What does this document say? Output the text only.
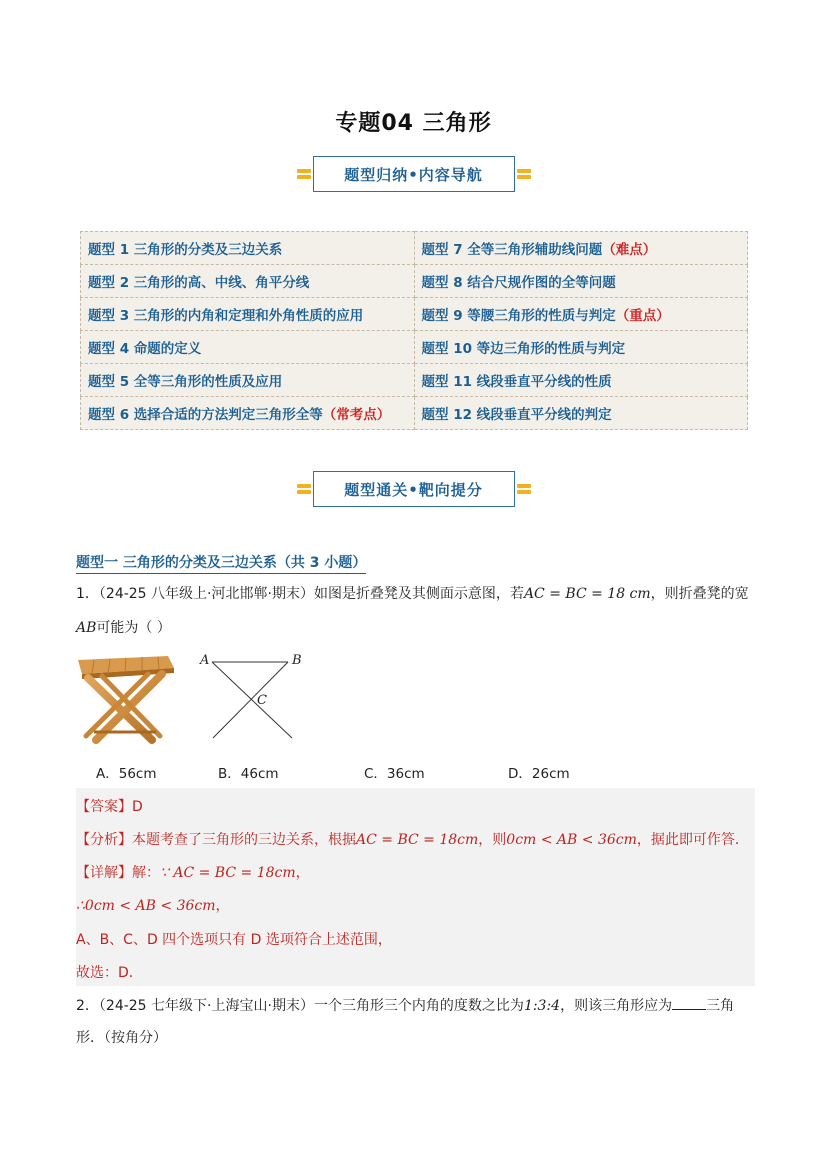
专题04 三角形
题型归纳•内容导航
题型 1 三角形的分类及三边关系	题型 7 全等三角形辅助线问题（难点）
题型 2 三角形的高、中线、角平分线	题型 8 结合尺规作图的全等问题
题型 3 三角形的内角和定理和外角性质的应用	题型 9 等腰三角形的性质与判定（重点）
题型 4 命题的定义	题型 10 等边三角形的性质与判定
题型 5 全等三角形的性质及应用	题型 11 线段垂直平分线的性质
题型 6 选择合适的方法判定三角形全等（常考点）	题型 12 线段垂直平分线的判定
题型通关•靶向提分
题型一 三角形的分类及三边关系（共 3 小题）
1．（24-25 八年级上·河北邯郸·期末）如图是折叠凳及其侧面示意图，若AC = BC = 18 cm，则折叠凳的宽
AB可能为（ ）
A	B
C
A．56cm	B．46cm	C．36cm	D．26cm
【答案】D
【分析】本题考查了三角形的三边关系，根据AC = BC = 18cm，则0cm < AB < 36cm，据此即可作答．
【详解】解：∵ AC = BC = 18cm，
∴0cm < AB < 36cm，
A、B、C、D 四个选项只有 D 选项符合上述范围，
故选：D．
2．（24-25 七年级下·上海宝山·期末）一个三角形三个内角的度数之比为1:3:4，则该三角形应为 三角
形．（按角分）
